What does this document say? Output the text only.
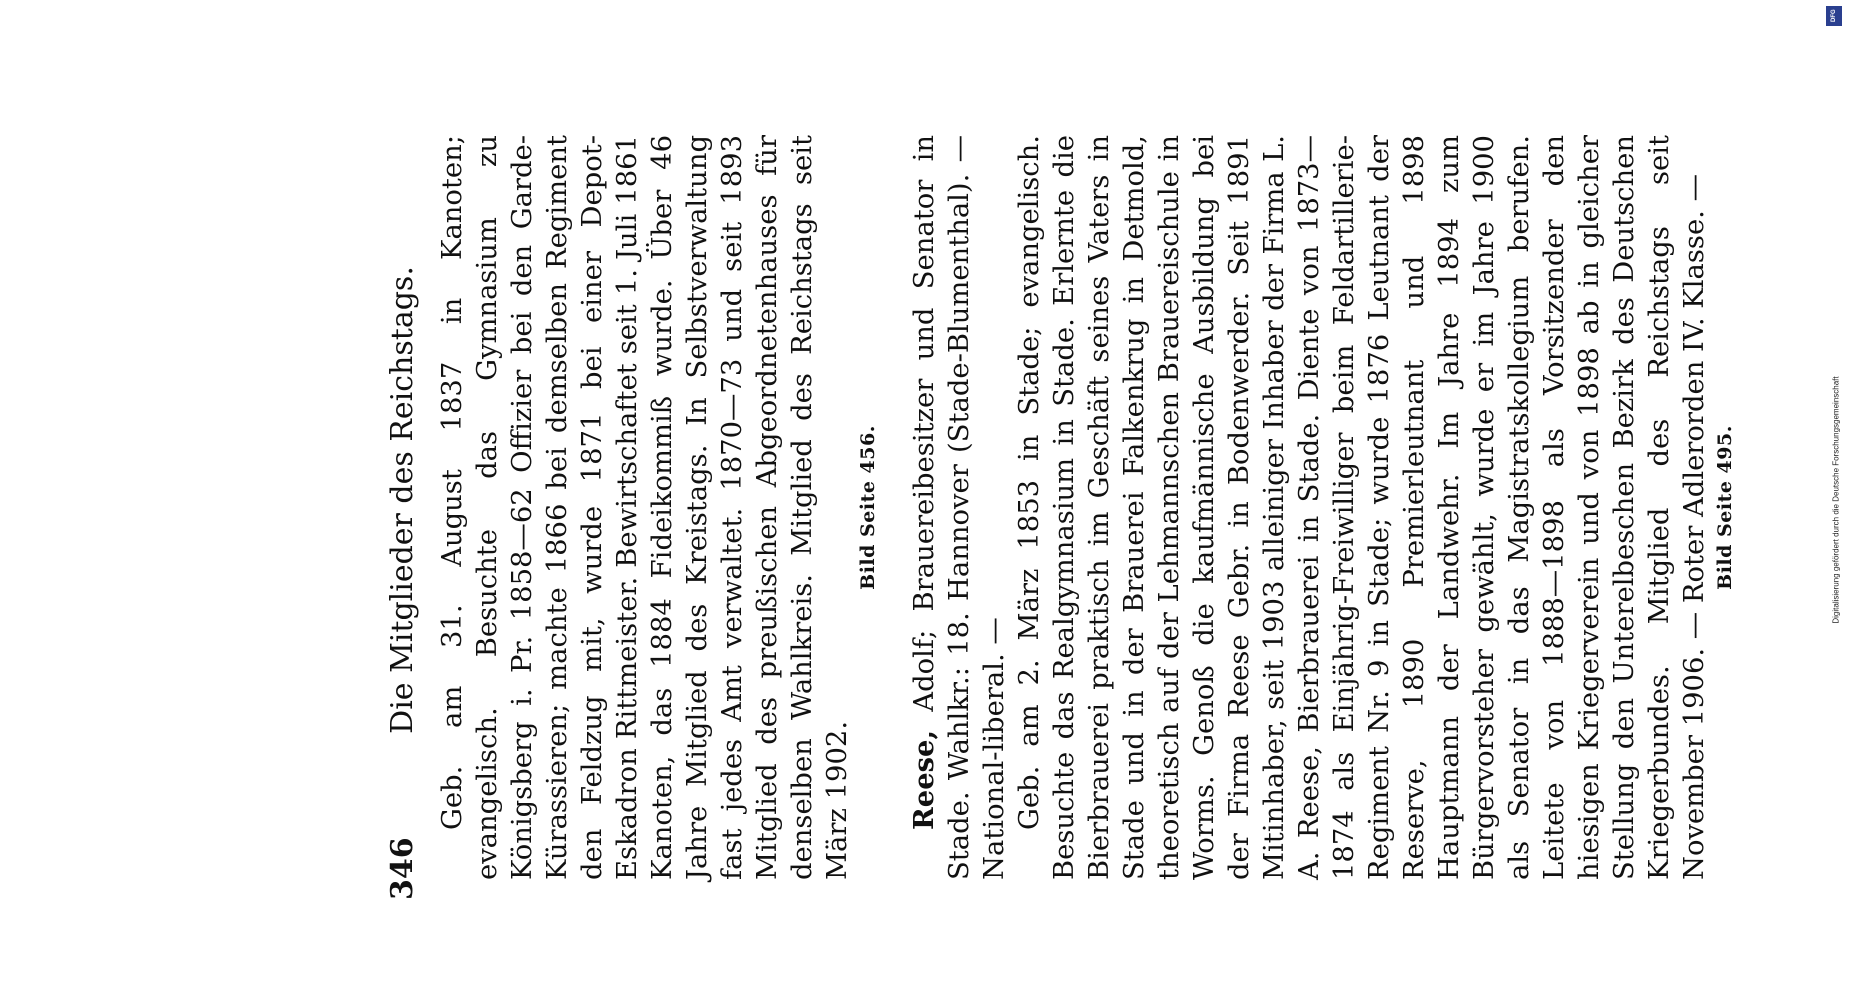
346
Die Mitglieder des Reichstags. Geb. am 31. August 1837 in Kanoten; evangelisch. Besuchte das Gymnasium zu Königsberg i. Pr. 1858—62 Offizier bei den Garde-Kürassieren; machte 1866 bei demselben Regiment den Feldzug mit, wurde 1871 bei einer Depot-Eskadron Rittmeister. Bewirtschaftet seit 1. Juli 1861 Kanoten, das 1884 Fideikommiß wurde. Über 46 Jahre Mitglied des Kreistags. In Selbstverwaltung fast jedes Amt verwaltet. 1870—73 und seit 1893 Mitglied des preußischen Abgeordnetenhauses für denselben Wahlkreis. Mitglied des Reichstags seit März 1902.

Bild Seite 456.

Reese, Adolf; Brauereibesitzer und Senator in Stade. Wahlkr.: 18. Hannover (Stade-Blumenthal). — National-liberal. — Geb. am 2. März 1853 in Stade; evangelisch. Besuchte das Realgymnasium in Stade. Erlernte die Bierbrauerei praktisch im Geschäft seines Vaters in Stade und in der Brauerei Falkenkrug in Detmold, theoretisch auf der Lehmannschen Brauereischule in Worms. Genoß die kaufmännische Ausbildung bei der Firma Reese Gebr. in Bodenwerder. Seit 1891 Mitinhaber, seit 1903 alleiniger Inhaber der Firma L. A. Reese, Bierbrauerei in Stade. Diente von 1873—1874 als Einjährig-Freiwilliger beim Feldartillerie-Regiment Nr. 9 in Stade; wurde 1876 Leutnant der Reserve, 1890 Premierleutnant und 1898 Hauptmann der Landwehr. Im Jahre 1894 zum Bürgervorsteher gewählt, wurde er im Jahre 1900 als Senator in das Magistratskollegium berufen. Leitete von 1888—1898 als Vorsitzender den hiesigen Kriegerverein und von 1898 ab in gleicher Stellung den Unterelbeschen Bezirk des Deutschen Kriegerbundes. Mitglied des Reichstags seit November 1906. — Roter Adlerorden IV. Klasse. — Bild Seite 495.
DFG
Digitalisierung gefördert durch die Deutsche Forschungsgemeinschaft
